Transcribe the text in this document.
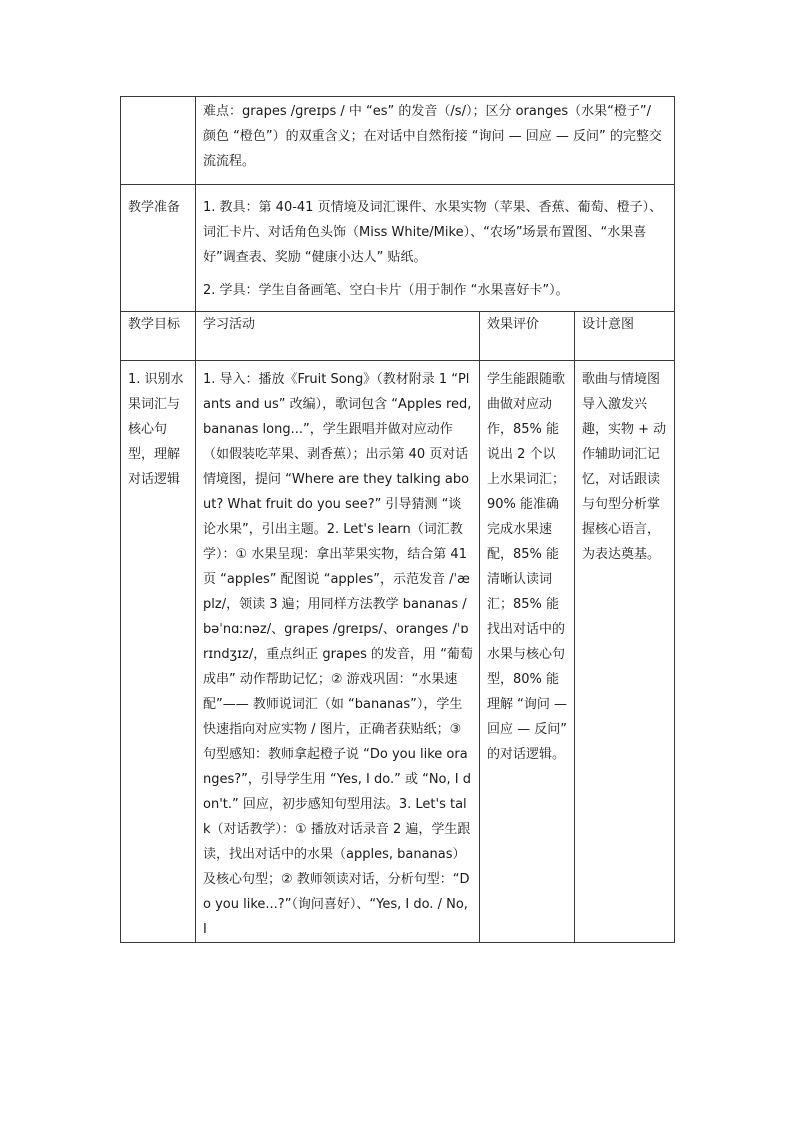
	难点：grapes /ɡreɪps / 中 “es” 的发音（/s/）；区分 oranges（水果“橙子”/ 颜色 “橙色”）的双重含义；在对话中自然衔接 “询问 — 回应 — 反问” 的完整交流流程。		

教学准备	1. 教具：第 40-41 页情境及词汇课件、水果实物（苹果、香蕉、葡萄、橙子）、词汇卡片、对话角色头饰（Miss White/Mike）、“农场”场景布置图、“水果喜好”调查表、奖励 “健康小达人” 贴纸。

2. 学具：学生自备画笔、空白卡片（用于制作 “水果喜好卡”）。		

教学目标	学习活动	效果评价	设计意图

1. 识别水果词汇与核心句型，理解对话逻辑	1. 导入：播放《Fruit Song》（教材附录 1 “Plants and us” 改编），歌词包含 “Apples red, bananas long...”，学生跟唱并做对应动作（如假装吃苹果、剥香蕉）；出示第 40 页对话情境图，提问 “Where are they talking about? What fruit do you see?” 引导猜测 “谈论水果”，引出主题。2. Let's learn（词汇教学）：① 水果呈现：拿出苹果实物，结合第 41 页 “apples” 配图说 “apples”，示范发音 /ˈæplz/，领读 3 遍；用同样方法教学 bananas /bəˈnɑːnəz/、grapes /ɡreɪps/、oranges /ˈɒrɪndʒɪz/，重点纠正 grapes 的发音，用 “葡萄成串” 动作帮助记忆；② 游戏巩固：“水果速配”—— 教师说词汇（如 “bananas”），学生快速指向对应实物 / 图片，正确者获贴纸；③ 句型感知：教师拿起橙子说 “Do you like oranges?”，引导学生用 “Yes, I do.” 或 “No, I don't.” 回应，初步感知句型用法。3. Let's talk（对话教学）：① 播放对话录音 2 遍，学生跟读，找出对话中的水果（apples, bananas）及核心句型；② 教师领读对话，分析句型：“Do you like...?”（询问喜好）、“Yes, I do. / No, I	学生能跟随歌曲做对应动作，85% 能说出 2 个以上水果词汇；90% 能准确完成水果速配，85% 能清晰认读词汇；85% 能找出对话中的水果与核心句型，80% 能理解 “询问 — 回应 — 反问” 的对话逻辑。	歌曲与情境图导入激发兴趣，实物 + 动作辅助词汇记忆，对话跟读与句型分析掌握核心语言，为表达奠基。
